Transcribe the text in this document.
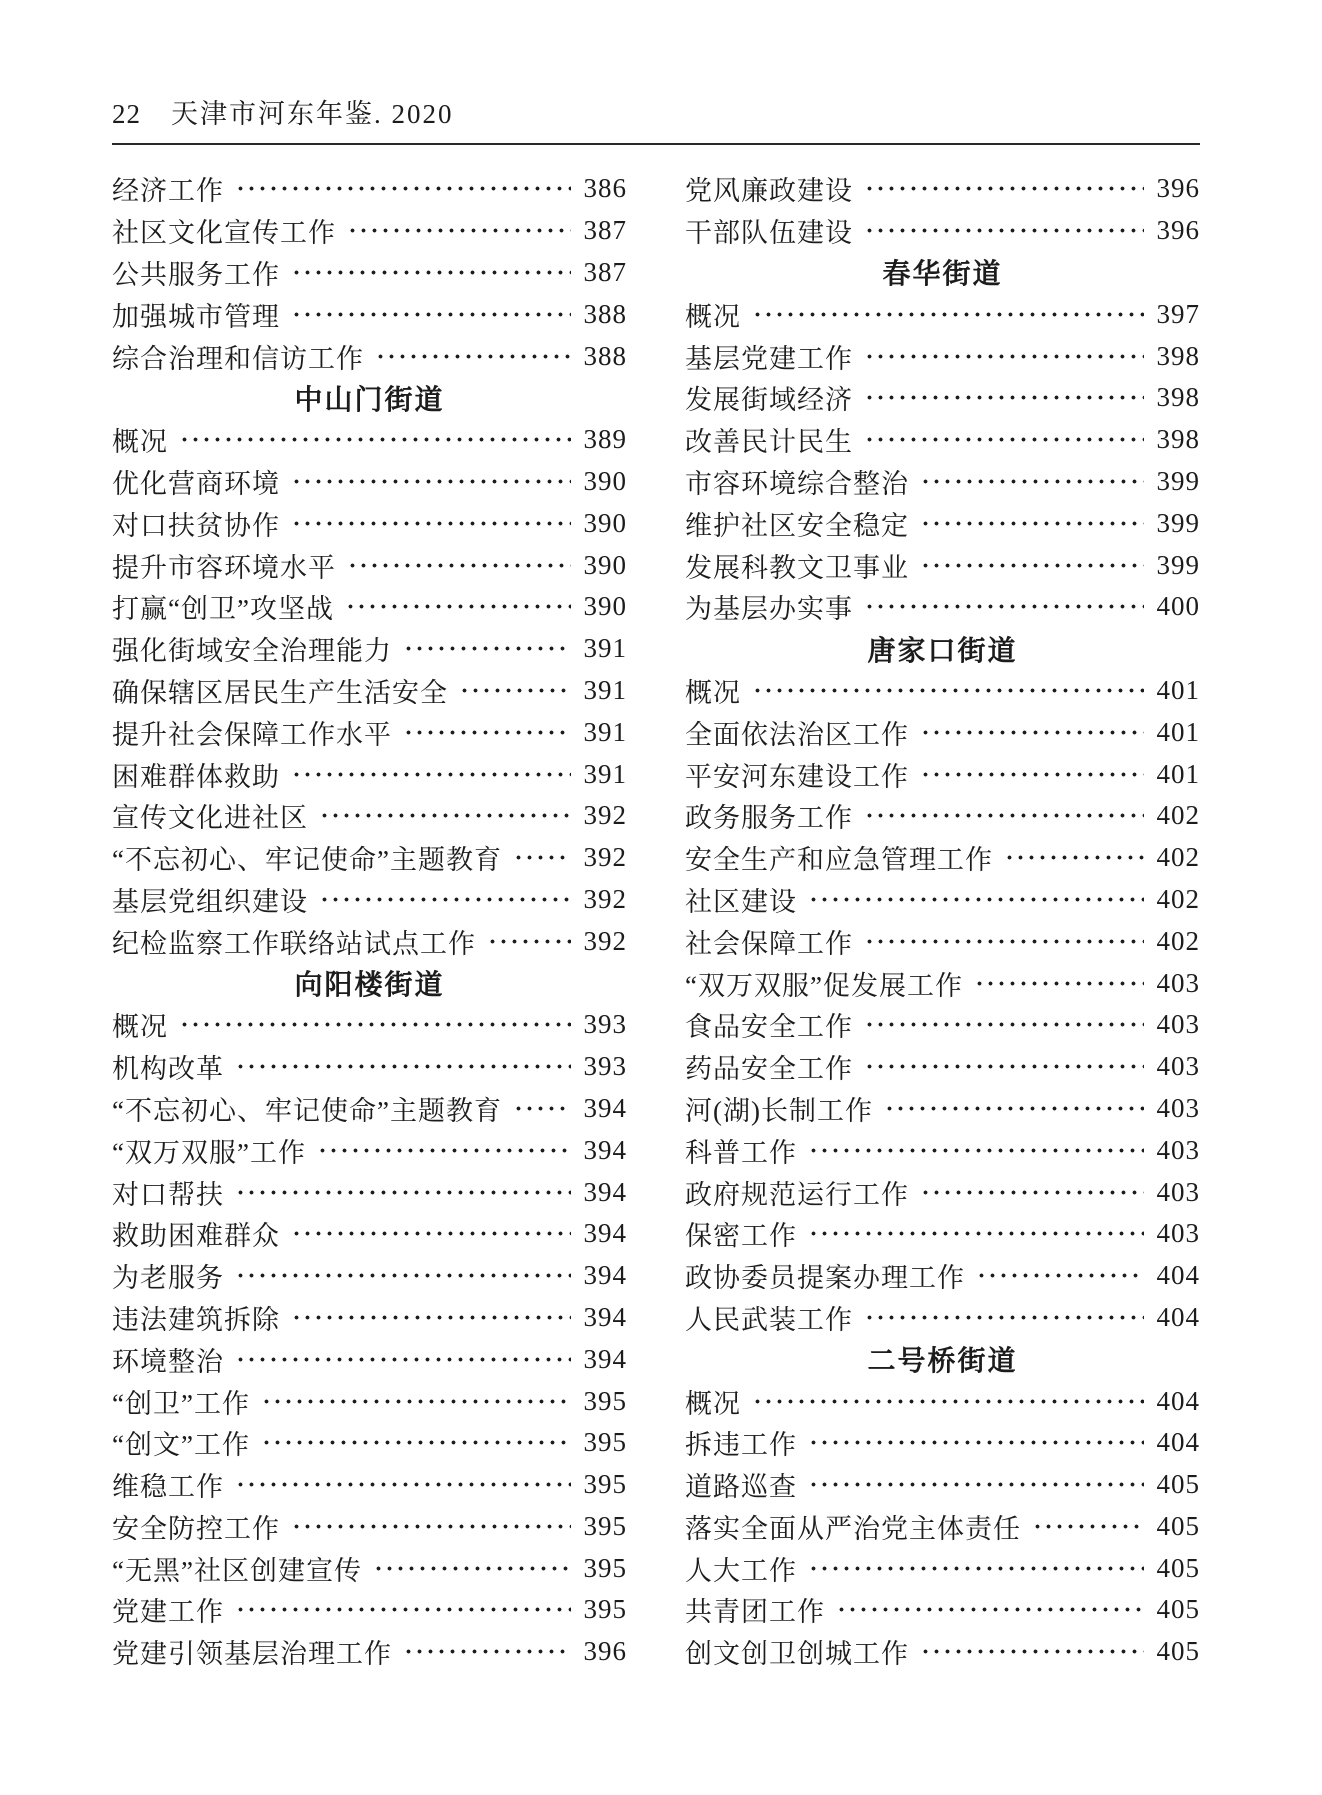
22 天津市河东年鉴. 2020
经济工作	386
社区文化宣传工作	387
公共服务工作	387
加强城市管理	388
综合治理和信访工作	388
中山门街道
概况	389
优化营商环境	390
对口扶贫协作	390
提升市容环境水平	390
打赢“创卫”攻坚战	390
强化街域安全治理能力	391
确保辖区居民生产生活安全	391
提升社会保障工作水平	391
困难群体救助	391
宣传文化进社区	392
“不忘初心、牢记使命”主题教育	392
基层党组织建设	392
纪检监察工作联络站试点工作	392
向阳楼街道
概况	393
机构改革	393
“不忘初心、牢记使命”主题教育	394
“双万双服”工作	394
对口帮扶	394
救助困难群众	394
为老服务	394
违法建筑拆除	394
环境整治	394
“创卫”工作	395
“创文”工作	395
维稳工作	395
安全防控工作	395
“无黑”社区创建宣传	395
党建工作	395
党建引领基层治理工作	396
党风廉政建设	396
干部队伍建设	396
春华街道
概况	397
基层党建工作	398
发展街域经济	398
改善民计民生	398
市容环境综合整治	399
维护社区安全稳定	399
发展科教文卫事业	399
为基层办实事	400
唐家口街道
概况	401
全面依法治区工作	401
平安河东建设工作	401
政务服务工作	402
安全生产和应急管理工作	402
社区建设	402
社会保障工作	402
“双万双服”促发展工作	403
食品安全工作	403
药品安全工作	403
河(湖)长制工作	403
科普工作	403
政府规范运行工作	403
保密工作	403
政协委员提案办理工作	404
人民武装工作	404
二号桥街道
概况	404
拆违工作	404
道路巡查	405
落实全面从严治党主体责任	405
人大工作	405
共青团工作	405
创文创卫创城工作	405
